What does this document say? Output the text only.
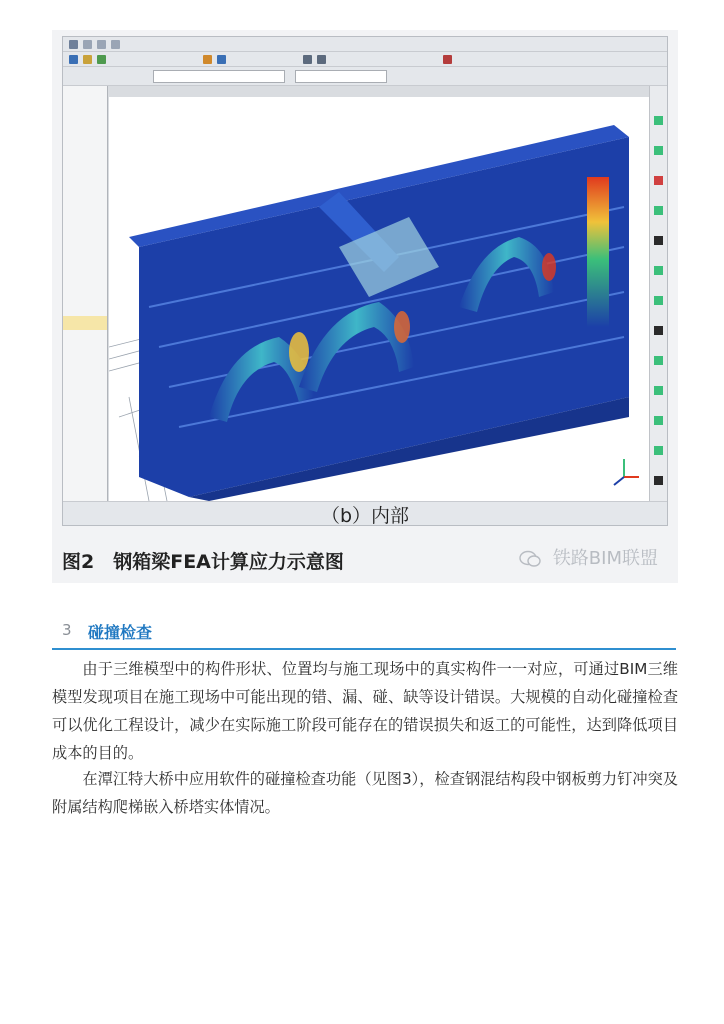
（b）内部
图2　钢箱梁FEA计算应力示意图	铁路BIM联盟
3 碰撞检查

由于三维模型中的构件形状、位置均与施工现场中的真实构件一一对应，可通过BIM三维模型发现项目在施工现场中可能出现的错、漏、碰、缺等设计错误。大规模的自动化碰撞检查可以优化工程设计，减少在实际施工阶段可能存在的错误损失和返工的可能性，达到降低项目成本的目的。

在潭江特大桥中应用软件的碰撞检查功能（见图3），检查钢混结构段中钢板剪力钉冲突及附属结构爬梯嵌入桥塔实体情况。
